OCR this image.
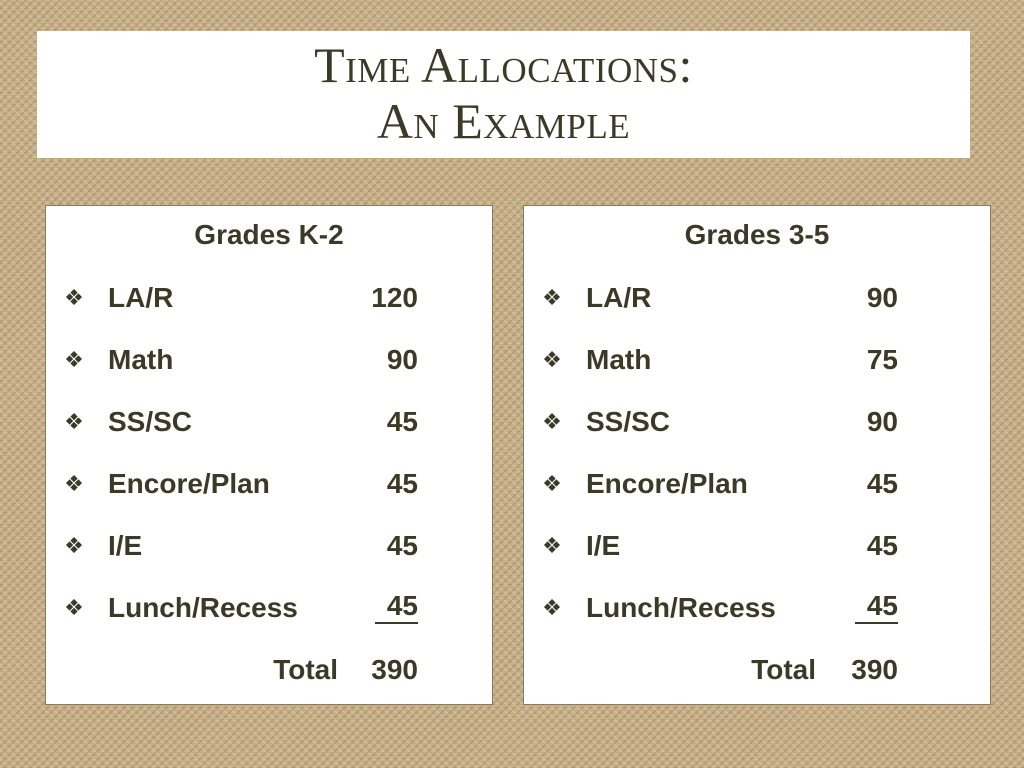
Time Allocations:
An Example
Grades K-2
❖ LA/R	120
❖ Math	90
❖ SS/SC	45
❖ Encore/Plan	45
❖ I/E	45
❖ Lunch/Recess	45
Total 390
Grades 3-5
❖ LA/R	90
❖ Math	75
❖ SS/SC	90
❖ Encore/Plan	45
❖ I/E	45
❖ Lunch/Recess	45
Total 390
